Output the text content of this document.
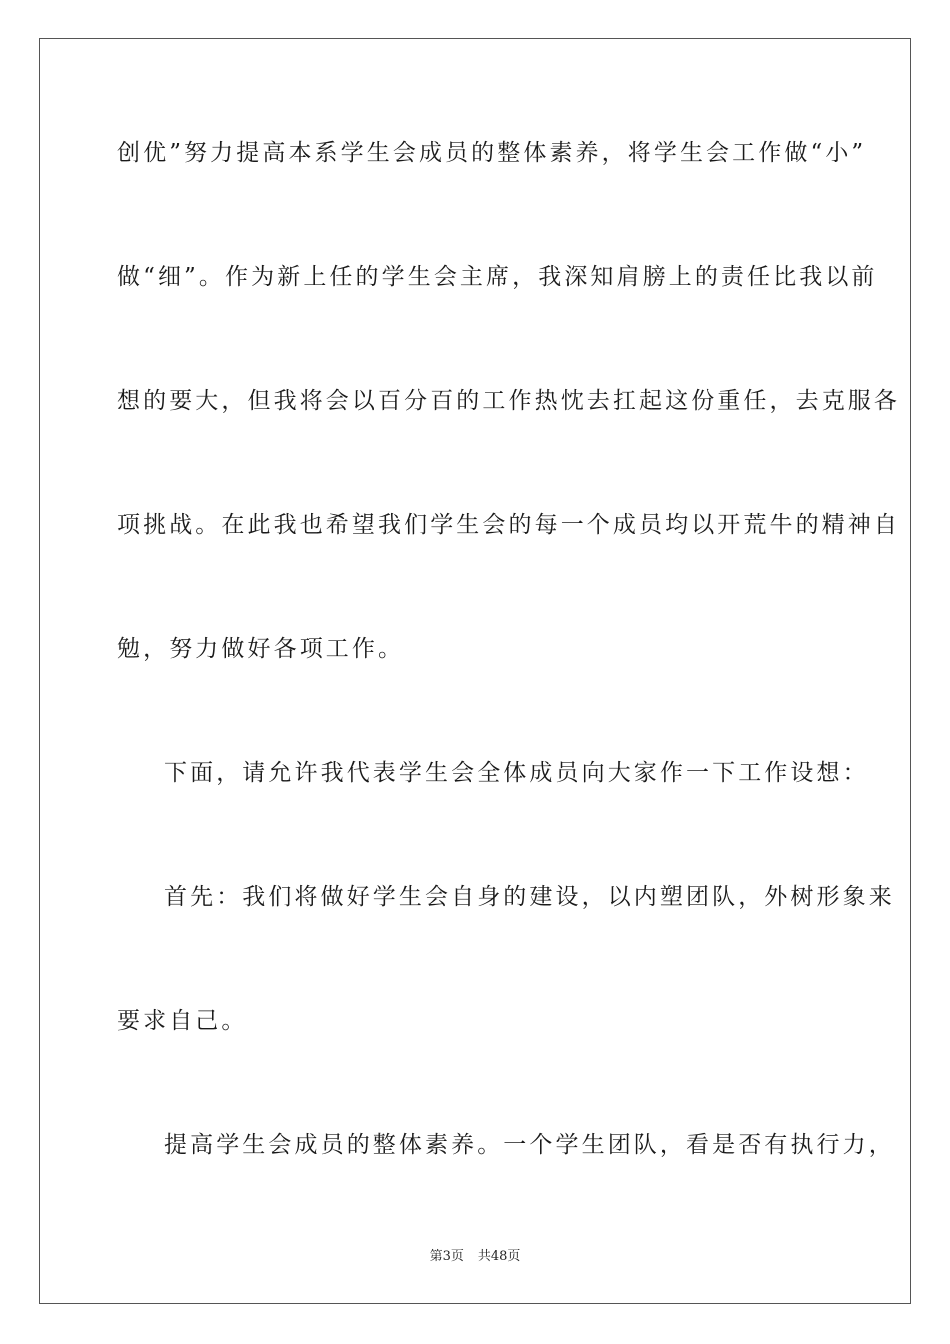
创优”努力提高本系学生会成员的整体素养，将学生会工作做“小”
做“细”。作为新上任的学生会主席，我深知肩膀上的责任比我以前
想的要大，但我将会以百分百的工作热忱去扛起这份重任，去克服各
项挑战。在此我也希望我们学生会的每一个成员均以开荒牛的精神自
勉，努力做好各项工作。
下面，请允许我代表学生会全体成员向大家作一下工作设想：
首先：我们将做好学生会自身的建设，以内塑团队，外树形象来
要求自己。
提高学生会成员的整体素养。一个学生团队，看是否有执行力，
第3页 共48页
